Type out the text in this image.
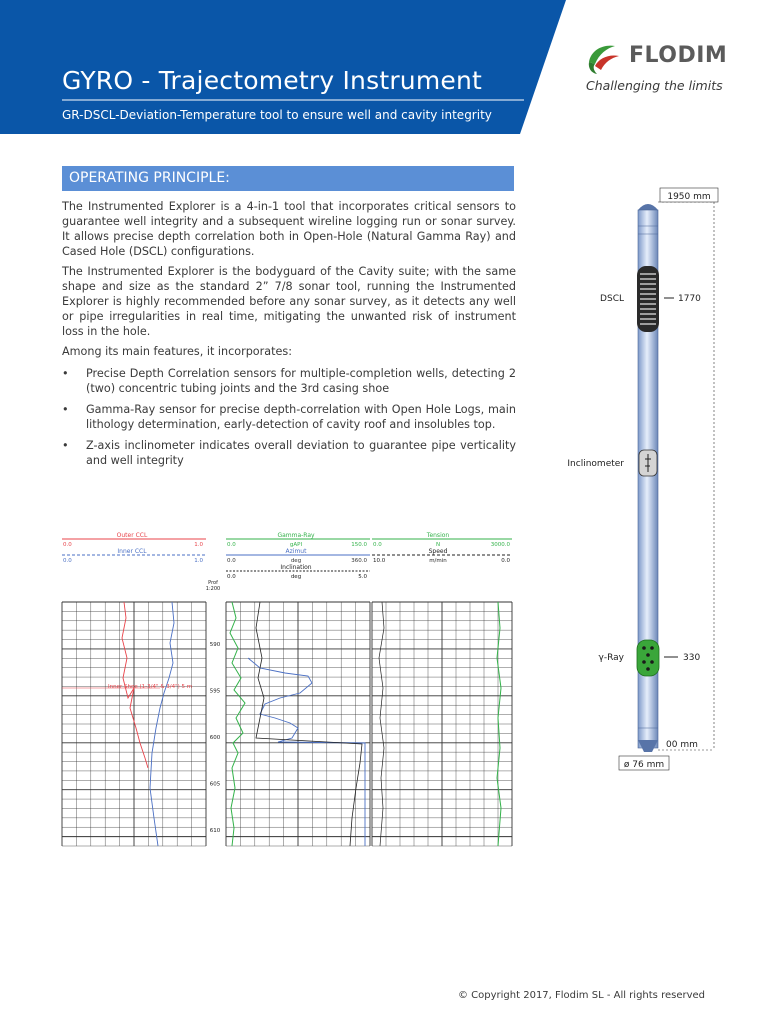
GYRO - Trajectometry Instrument
GR-DSCL-Deviation-Temperature tool to ensure well and cavity integrity
FLODIM
Challenging the limits
OPERATING PRINCIPLE:
The Instrumented Explorer is a 4-in-1 tool that incorporates critical sensors to guarantee well integrity and a subsequent wireline logging run or sonar survey. It allows precise depth correlation both in Open-Hole (Natural Gamma Ray) and Cased Hole (DSCL) configurations.
The Instrumented Explorer is the bodyguard of the Cavity suite; with the same shape and size as the standard 2” 7/8 sonar tool, running the Instrumented Explorer is highly recommended before any sonar survey, as it detects any well or pipe irregularities in real time, mitigating the unwanted risk of instrument loss in the hole.
Among its main features, it incorporates:
• Precise Depth Correlation sensors for multiple-completion wells, detecting 2 (two) concentric tubing joints and the 3rd casing shoe
• Gamma-Ray sensor for precise depth-correlation with Open Hole Logs, main lithology determination, early-detection of cavity roof and insolubles top.
• Z-axis inclinometer indicates overall deviation to guarantee pipe verticality and well integrity
Outer CCL
0.0	1.0
Inner CCL
0.0	1.0
Gamma-Ray
0.0	gAPI	150.0
Azimut
0.0	deg	360.0
Inclination
0.0	deg	5.0
Tension
0.0	N	3000.0
Speed
10.0	m/min	0.0
Prof
1:200
590
595
600
605
610
Inner Shoe (1-3/4" & 3/4") 5 m
1950 mm
DSCL	1770
Inclinometer
γ-Ray	330
00 mm
ø 76 mm
© Copyright 2017, Flodim SL - All rights reserved
